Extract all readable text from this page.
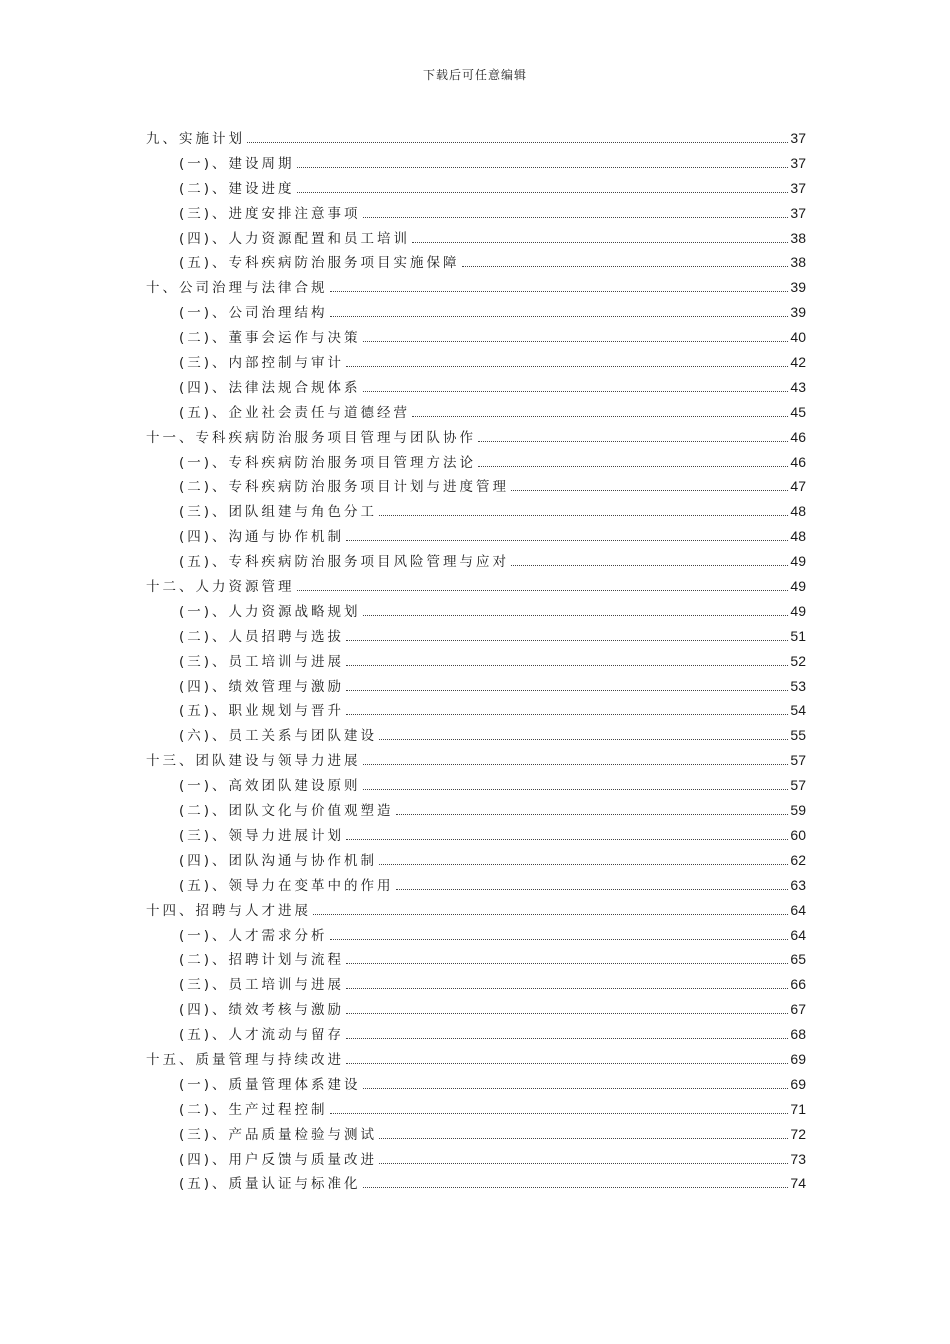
下载后可任意编辑
九、实施计划	37
(一)、建设周期	37
(二)、建设进度	37
(三)、进度安排注意事项	37
(四)、人力资源配置和员工培训	38
(五)、专科疾病防治服务项目实施保障	38
十、公司治理与法律合规	39
(一)、公司治理结构	39
(二)、董事会运作与决策	40
(三)、内部控制与审计	42
(四)、法律法规合规体系	43
(五)、企业社会责任与道德经营	45
十一、专科疾病防治服务项目管理与团队协作	46
(一)、专科疾病防治服务项目管理方法论	46
(二)、专科疾病防治服务项目计划与进度管理	47
(三)、团队组建与角色分工	48
(四)、沟通与协作机制	48
(五)、专科疾病防治服务项目风险管理与应对	49
十二、人力资源管理	49
(一)、人力资源战略规划	49
(二)、人员招聘与选拔	51
(三)、员工培训与进展	52
(四)、绩效管理与激励	53
(五)、职业规划与晋升	54
(六)、员工关系与团队建设	55
十三、团队建设与领导力进展	57
(一)、高效团队建设原则	57
(二)、团队文化与价值观塑造	59
(三)、领导力进展计划	60
(四)、团队沟通与协作机制	62
(五)、领导力在变革中的作用	63
十四、招聘与人才进展	64
(一)、人才需求分析	64
(二)、招聘计划与流程	65
(三)、员工培训与进展	66
(四)、绩效考核与激励	67
(五)、人才流动与留存	68
十五、质量管理与持续改进	69
(一)、质量管理体系建设	69
(二)、生产过程控制	71
(三)、产品质量检验与测试	72
(四)、用户反馈与质量改进	73
(五)、质量认证与标准化	74
